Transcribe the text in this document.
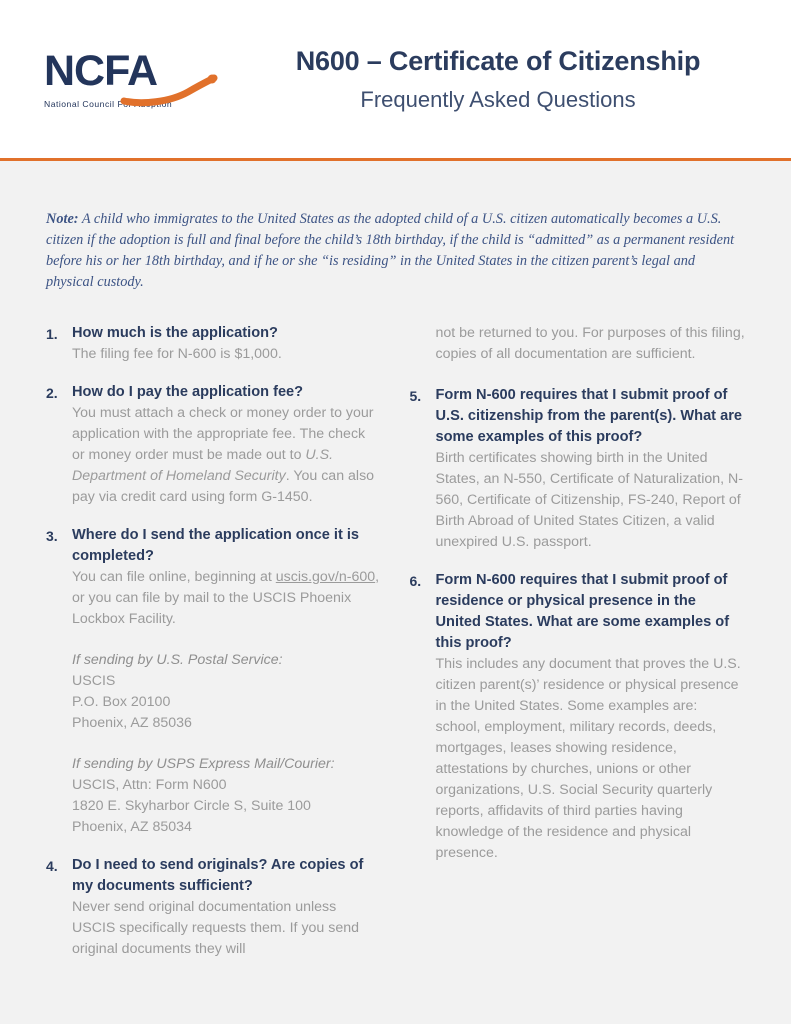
NCFA
National Council For Adoption
N600 – Certificate of Citizenship
Frequently Asked Questions
Note: A child who immigrates to the United States as the adopted child of a U.S. citizen automatically becomes a U.S. citizen if the adoption is full and final before the child’s 18th birthday, if the child is “admitted” as a permanent resident before his or her 18th birthday, and if he or she “is residing” in the United States in the citizen parent’s legal and physical custody.
1. How much is the application?

The filing fee for N-600 is $1,000.

2. How do I pay the application fee?

You must attach a check or money order to your application with the appropriate fee. The check or money order must be made out to U.S. Department of Homeland Security. You can also pay via credit card using form G-1450.

3. Where do I send the application once it is completed?

You can file online, beginning at uscis.gov/n-600, or you can file by mail to the USCIS Phoenix Lockbox Facility.

If sending by U.S. Postal Service:

USCIS

P.O. Box 20100

Phoenix, AZ 85036

If sending by USPS Express Mail/Courier:

USCIS, Attn: Form N600

1820 E. Skyharbor Circle S, Suite 100

Phoenix, AZ 85034

4. Do I need to send originals? Are copies of my documents sufficient?

Never send original documentation unless USCIS specifically requests them. If you send original documents they will

not be returned to you. For purposes of this filing, copies of all documentation are sufficient.

5. Form N-600 requires that I submit proof of U.S. citizenship from the parent(s). What are some examples of this proof?

Birth certificates showing birth in the United States, an N-550, Certificate of Naturalization, N-560, Certificate of Citizenship, FS-240, Report of Birth Abroad of United States Citizen, a valid unexpired U.S. passport.

6. Form N-600 requires that I submit proof of residence or physical presence in the United States. What are some examples of this proof?

This includes any document that proves the U.S. citizen parent(s)’ residence or physical presence in the United States. Some examples are: school, employment, military records, deeds, mortgages, leases showing residence, attestations by churches, unions or other organizations, U.S. Social Security quarterly reports, affidavits of third parties having knowledge of the residence and physical presence.
